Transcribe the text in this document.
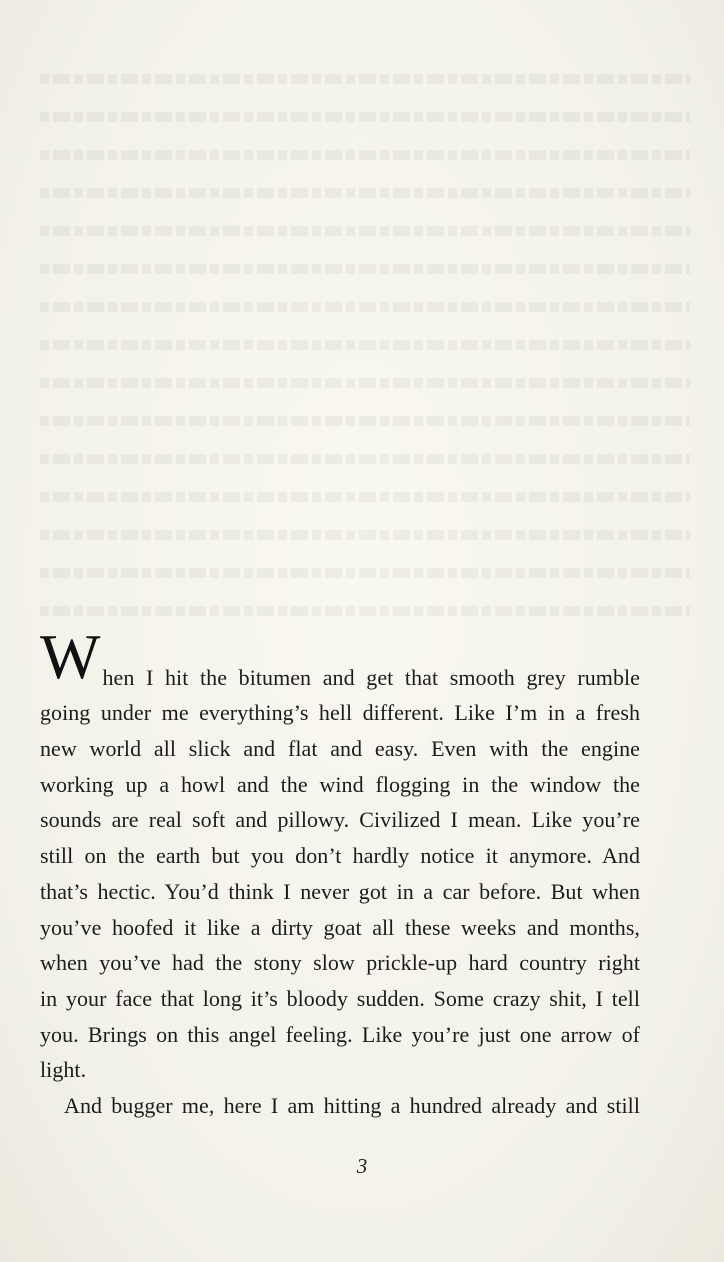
W hen I hit the bitumen and get that smooth grey rumble
going under me everything’s hell different. Like I’m in a fresh
new world all slick and flat and easy. Even with the engine
working up a howl and the wind flogging in the window the
sounds are real soft and pillowy. Civilized I mean. Like you’re
still on the earth but you don’t hardly notice it anymore. And
that’s hectic. You’d think I never got in a car before. But when
you’ve hoofed it like a dirty goat all these weeks and months,
when you’ve had the stony slow prickle-up hard country right
in your face that long it’s bloody sudden. Some crazy shit, I tell
you. Brings on this angel feeling. Like you’re just one arrow of
light.
And bugger me, here I am hitting a hundred already and still
3
